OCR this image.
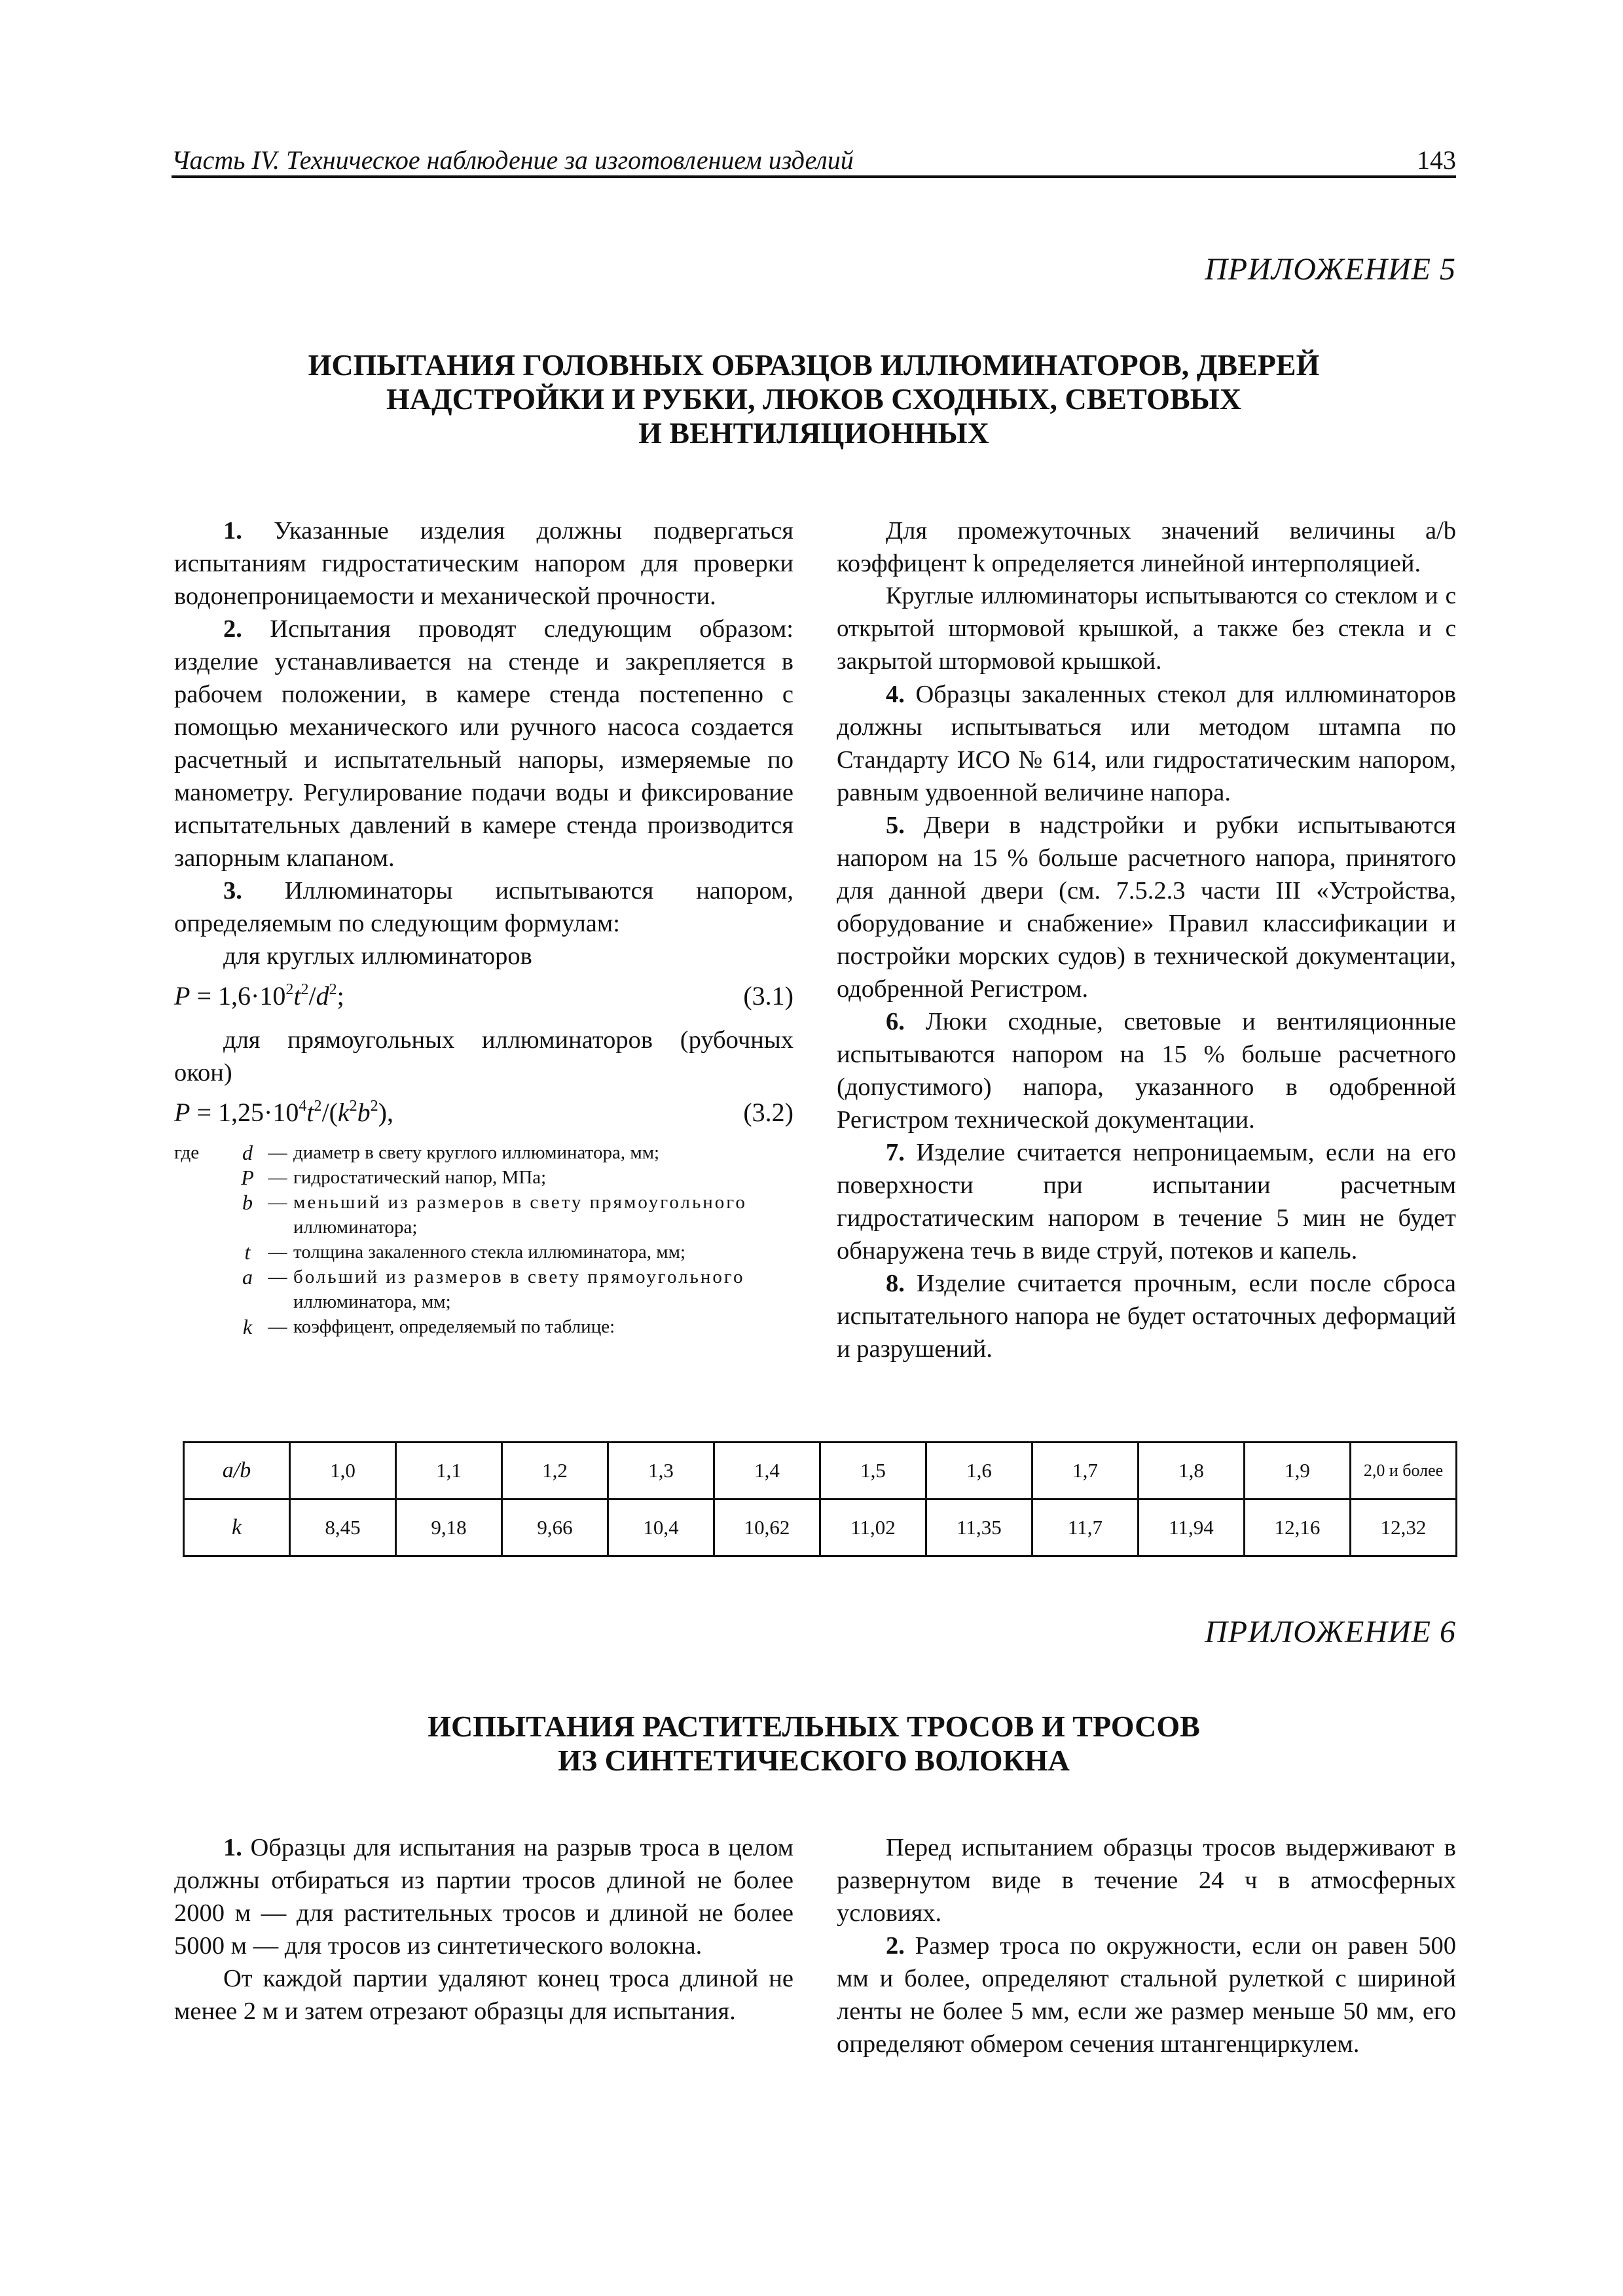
Часть IV. Техническое наблюдение за изготовлением изделий	143
ПРИЛОЖЕНИЕ 5
ИСПЫТАНИЯ ГОЛОВНЫХ ОБРАЗЦОВ ИЛЛЮМИНАТОРОВ, ДВЕРЕЙ
НАДСТРОЙКИ И РУБКИ, ЛЮКОВ СХОДНЫХ, СВЕТОВЫХ
И ВЕНТИЛЯЦИОННЫХ

1. Указанные изделия должны подвергаться испытаниям гидростатическим напором для проверки водонепроницаемости и механической прочности.

2. Испытания проводят следующим образом: изделие устанавливается на стенде и закрепляется в рабочем положении, в камере стенда постепенно с помощью механического или ручного насоса создается расчетный и испытательный напоры, измеряемые по манометру. Регулирование подачи воды и фиксирование испытательных давлений в камере стенда производится запорным клапаном.

3. Иллюминаторы испытываются напором, определяемым по следующим формулам:

для круглых иллюминаторов

$P = 1,6\cdot 10^2t^2/d^2$;	(3.1)

для прямоугольных иллюминаторов (рубочных окон)

$P = 1,25\cdot 10^4t^2/(k^2b^2)$,	(3.2)
где	d — диаметр в свету круглого иллюминатора, мм;
P — гидростатический напор, МПа;
b — меньший из размеров в свету прямоугольного
иллюминатора;
t — толщина закаленного стекла иллюминатора, мм;
a — больший из размеров в свету прямоугольного
иллюминатора, мм;
k — коэффицент, определяемый по таблице:

Для промежуточных значений величины a/b коэффицент k определяется линейной интерполяцией.

Круглые иллюминаторы испытываются со стеклом и с открытой штормовой крышкой, а также без стекла и с закрытой штормовой крышкой.

4. Образцы закаленных стекол для иллюминаторов должны испытываться или методом штампа по Стандарту ИСО № 614, или гидростатическим напором, равным удвоенной величине напора.

5. Двери в надстройки и рубки испытываются напором на 15 % больше расчетного напора, принятого для данной двери (см. 7.5.2.3 части III «Устройства, оборудование и снабжение» Правил классификации и постройки морских судов) в технической документации, одобренной Регистром.

6. Люки сходные, световые и вентиляционные испытываются напором на 15 % больше расчетного (допустимого) напора, указанного в одобренной Регистром технической документации.

7. Изделие считается непроницаемым, если на его поверхности при испытании расчетным гидростатическим напором в течение 5 мин не будет обнаружена течь в виде струй, потеков и капель.

8. Изделие считается прочным, если после сброса испытательного напора не будет остаточных деформаций и разрушений.

a/b	1,0	1,1	1,2	1,3	1,4	1,5	1,6	1,7	1,8	1,9	2,0 и более
k	8,45	9,18	9,66	10,4	10,62	11,02	11,35	11,7	11,94	12,16	12,32
ПРИЛОЖЕНИЕ 6
ИСПЫТАНИЯ РАСТИТЕЛЬНЫХ ТРОСОВ И ТРОСОВ
ИЗ СИНТЕТИЧЕСКОГО ВОЛОКНА

1. Образцы для испытания на разрыв троса в целом должны отбираться из партии тросов длиной не более 2000 м — для растительных тросов и длиной не более 5000 м — для тросов из синтетического волокна.

От каждой партии удаляют конец троса длиной не менее 2 м и затем отрезают образцы для испытания.

Перед испытанием образцы тросов выдерживают в развернутом виде в течение 24 ч в атмосферных условиях.

2. Размер троса по окружности, если он равен 500 мм и более, определяют стальной рулеткой с шириной ленты не более 5 мм, если же размер меньше 50 мм, его определяют обмером сечения штангенциркулем.
